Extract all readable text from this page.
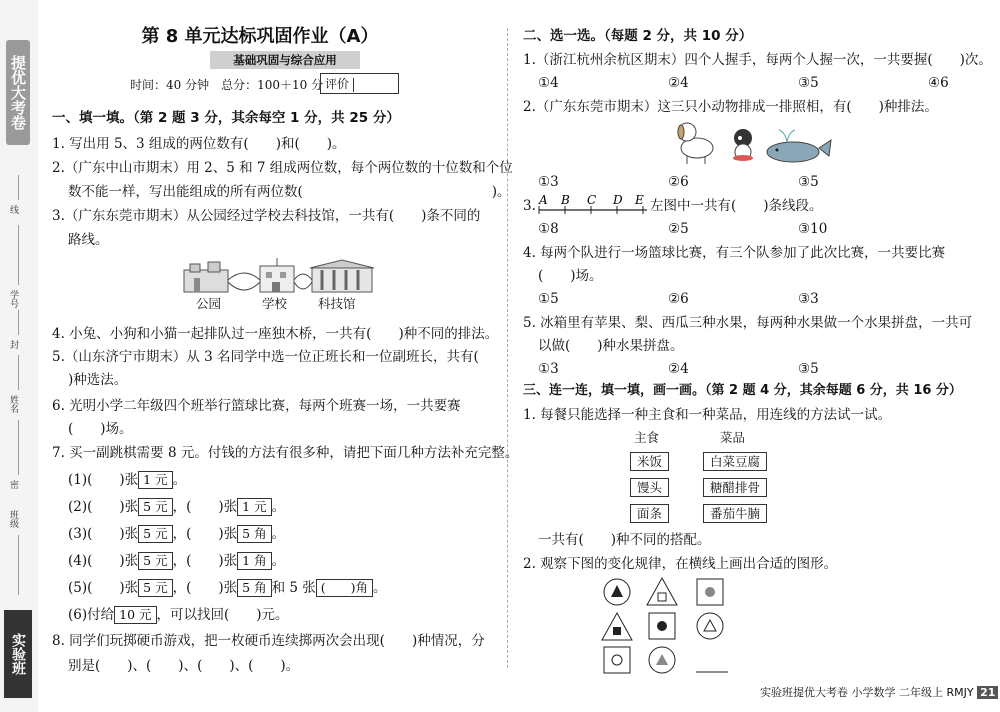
提优大考卷
线
学号
封
姓名
密
班级
实验班
第 8 单元达标巩固作业（A）
基础巩固与综合应用
时间：40 分钟　总分：100＋10 分 评价
一、填一填。（第 2 题 3 分，其余每空 1 分，共 25 分）
1. 写出用 5、3 组成的两位数有(　　)和(　　)。
2.（广东中山市期末）用 2、5 和 7 组成两位数，每个两位数的十位数和个位
数不能一样，写出能组成的所有两位数(　　　　　　　　　　　　　　)。
3.（广东东莞市期末）从公园经过学校去科技馆，一共有(　　)条不同的
路线。
公园	学校 科技馆
4. 小兔、小狗和小猫一起排队过一座独木桥，一共有(　　)种不同的排法。
5.（山东济宁市期末）从 3 名同学中选一位正班长和一位副班长，共有(
)种选法。
6. 光明小学二年级四个班举行篮球比赛，每两个班赛一场，一共要赛
(　　)场。
7. 买一副跳棋需要 8 元。付钱的方法有很多种，请把下面几种方法补充完整。
(1)(　　)张 1 元 。
(2)(　　)张 5 元 ，(　　)张 1 元 。
(3)(　　)张 5 元 ，(　　)张 5 角 。
(4)(　　)张 5 元 ，(　　)张 1 角 。
(5)(　　)张 5 元 ，(　　)张 5 角 和 5 张 (　　)角 。
(6)付给 10 元 ，可以找回(　　)元。
8. 同学们玩掷硬币游戏，把一枚硬币连续掷两次会出现(　　)种情况，分
别是(　　)、(　　)、(　　)、(　　)。
二、选一选。（每题 2 分，共 10 分）
1.（浙江杭州余杭区期末）四个人握手，每两个人握一次，一共要握(　　)次。
①4	②4	③5	④6
2.（广东东莞市期末）这三只小动物排成一排照相，有(　　)种排法。
①3	②6	③5
3. A B C D E 左图中一共有(　　)条线段。
①8	②5	③10
4. 每两个队进行一场篮球比赛，有三个队参加了此次比赛，一共要比赛
(　　)场。
①5	②6	③3
5. 冰箱里有苹果、梨、西瓜三种水果，每两种水果做一个水果拼盘，一共可
以做(　　)种水果拼盘。
①3	②4	③5
三、连一连，填一填，画一画。（第 2 题 4 分，其余每题 6 分，共 16 分）
1. 每餐只能选择一种主食和一种菜品，用连线的方法试一试。
主食	菜品
米饭
馒头
面条
白菜豆腐
糖醋排骨
番茄牛腩
一共有(　　)种不同的搭配。
2. 观察下图的变化规律，在横线上画出合适的图形。
实验班提优大考卷 小学数学 二年级上 RMJY 21
